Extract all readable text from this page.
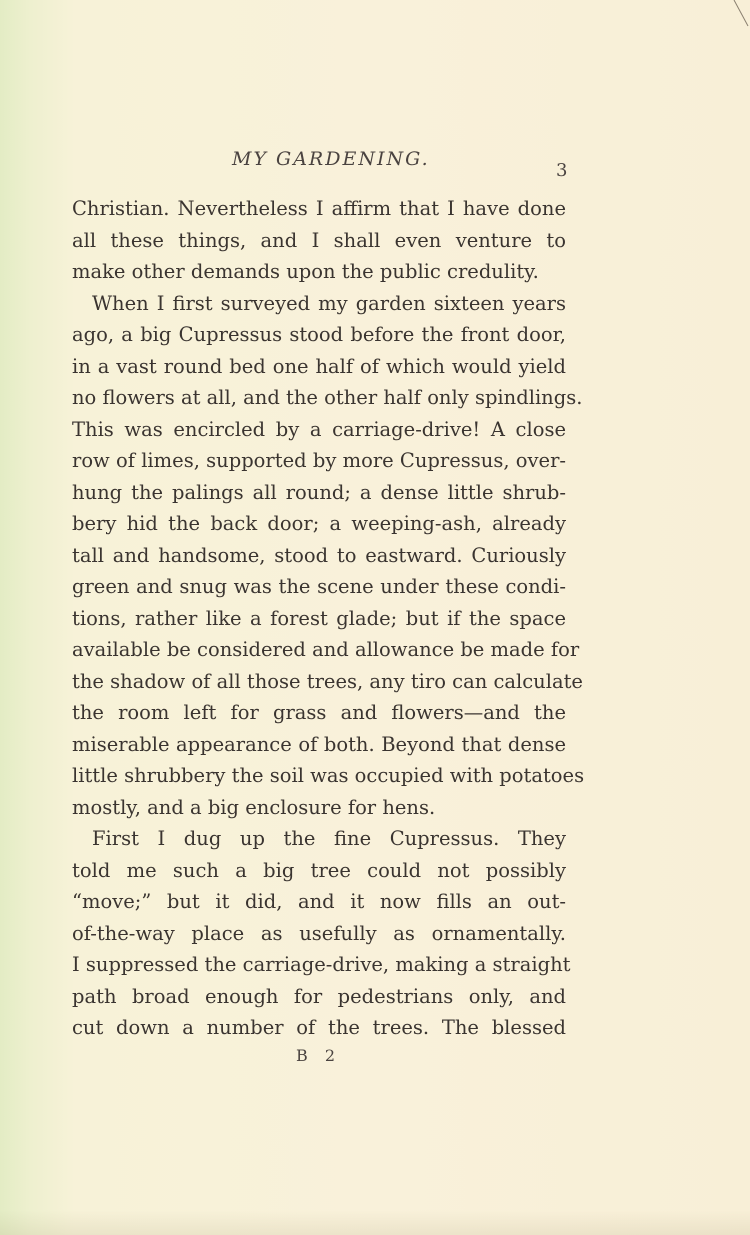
MY GARDENING.
3
Christian. Nevertheless I affirm that I have done
all these things, and I shall even venture to
make other demands upon the public credulity.
When I first surveyed my garden sixteen years
ago, a big Cupressus stood before the front door,
in a vast round bed one half of which would yield
no flowers at all, and the other half only spindlings.
This was encircled by a carriage-drive! A close
row of limes, supported by more Cupressus, over-
hung the palings all round; a dense little shrub-
bery hid the back door; a weeping-ash, already
tall and handsome, stood to eastward. Curiously
green and snug was the scene under these condi-
tions, rather like a forest glade; but if the space
available be considered and allowance be made for
the shadow of all those trees, any tiro can calculate
the room left for grass and flowers—and the
miserable appearance of both. Beyond that dense
little shrubbery the soil was occupied with potatoes
mostly, and a big enclosure for hens.
First I dug up the fine Cupressus. They
told me such a big tree could not possibly
“move;” but it did, and it now fills an out-
of-the-way place as usefully as ornamentally.
I suppressed the carriage-drive, making a straight
path broad enough for pedestrians only, and
cut down a number of the trees. The blessed
B 2
